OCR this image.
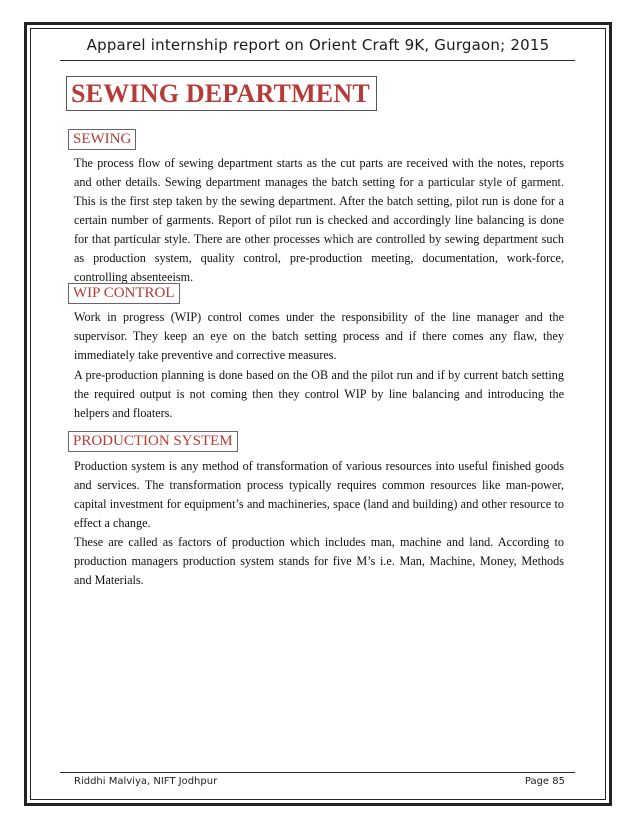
Apparel internship report on Orient Craft 9K, Gurgaon; 2015
SEWING DEPARTMENT
SEWING

The process flow of sewing department starts as the cut parts are received with the notes, reports and other details. Sewing department manages the batch setting for a particular style of garment. This is the first step taken by the sewing department. After the batch setting, pilot run is done for a certain number of garments. Report of pilot run is checked and accordingly line balancing is done for that particular style. There are other processes which are controlled by sewing department such as production system, quality control, pre-production meeting, documentation, work-force, controlling absenteeism.

WIP CONTROL

Work in progress (WIP) control comes under the responsibility of the line manager and the supervisor. They keep an eye on the batch setting process and if there comes any flaw, they immediately take preventive and corrective measures.

A pre-production planning is done based on the OB and the pilot run and if by current batch setting the required output is not coming then they control WIP by line balancing and introducing the helpers and floaters.

PRODUCTION SYSTEM

Production system is any method of transformation of various resources into useful finished goods and services. The transformation process typically requires common resources like man-power, capital investment for equipment’s and machineries, space (land and building) and other resource to effect a change.

These are called as factors of production which includes man, machine and land. According to production managers production system stands for five M’s i.e. Man, Machine, Money, Methods and Materials.

Riddhi Malviya, NIFT Jodhpur	Page 85
